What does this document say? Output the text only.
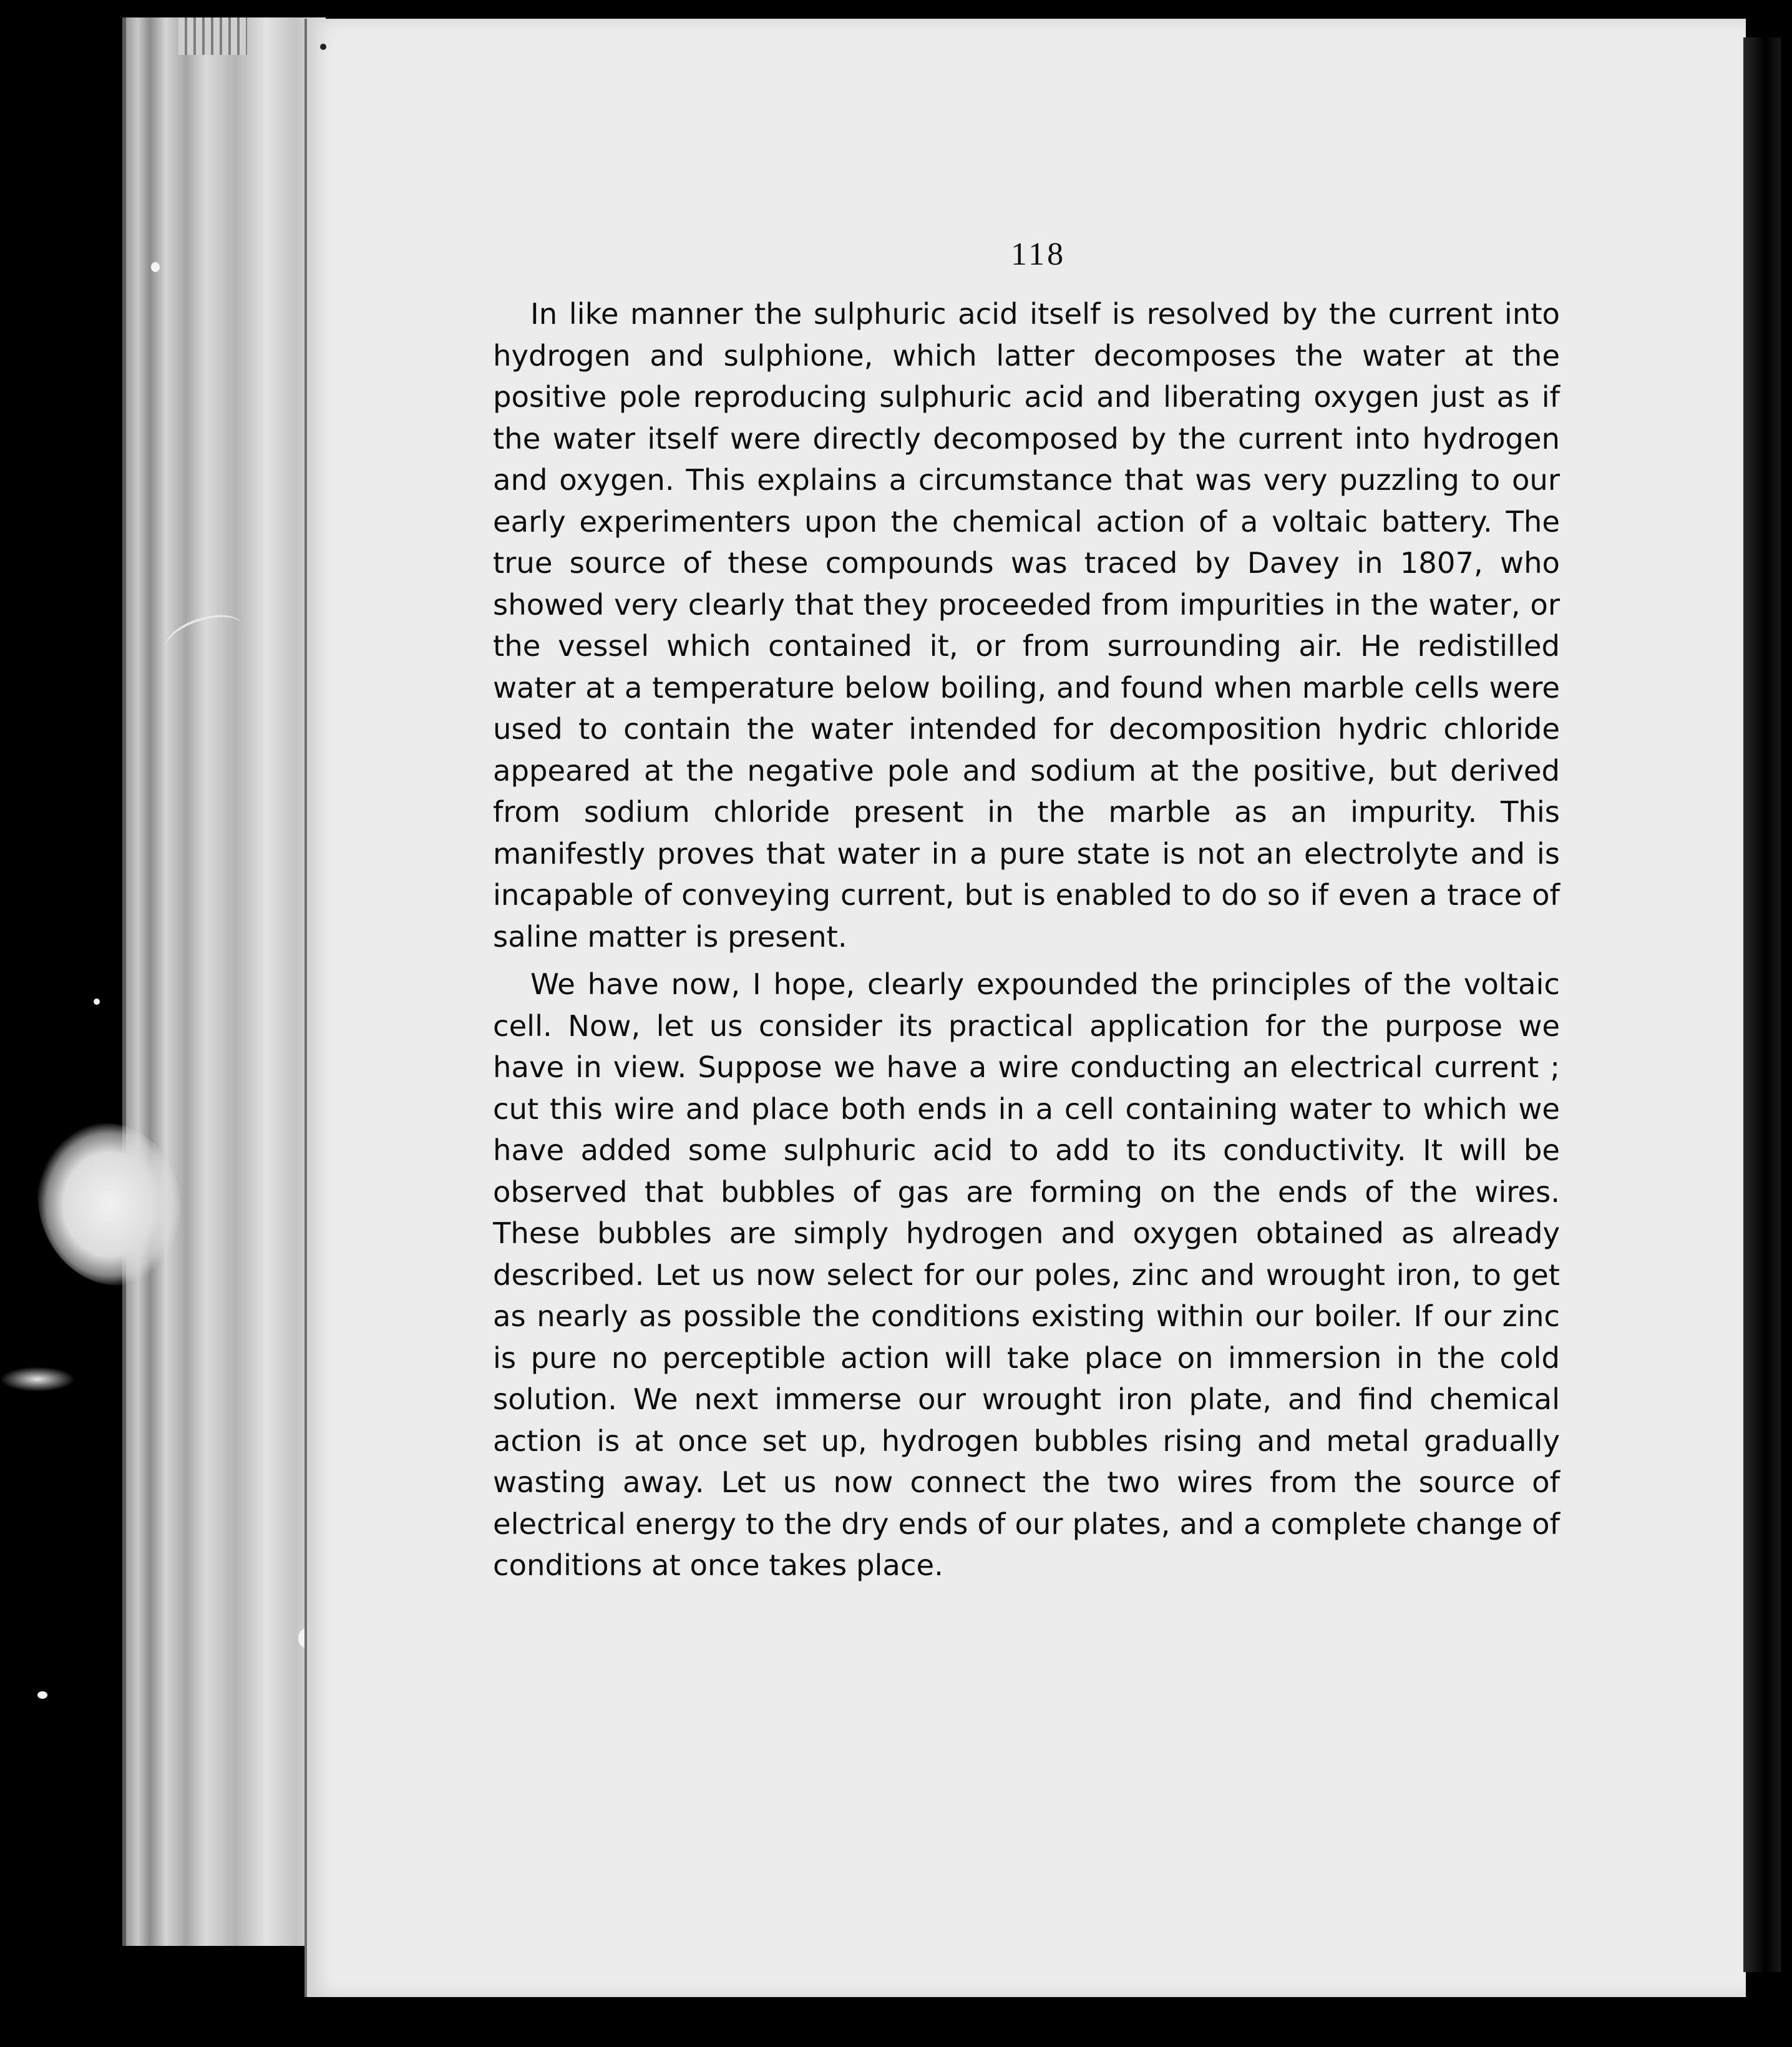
118

In like manner the sulphuric acid itself is resolved by the current into hydrogen and sulphione, which latter decomposes the water at the positive pole reproducing sulphuric acid and liberating oxygen just as if the water itself were directly decomposed by the current into hydrogen and oxygen. This explains a circumstance that was very puzzling to our early experimenters upon the chemical action of a voltaic battery. The true source of these compounds was traced by Davey in 1807, who showed very clearly that they proceeded from impurities in the water, or the vessel which contained it, or from surrounding air. He redistilled water at a temperature below boiling, and found when marble cells were used to contain the water intended for decomposition hydric chloride appeared at the negative pole and sodium at the positive, but derived from sodium chloride present in the marble as an impurity. This manifestly proves that water in a pure state is not an electrolyte and is incapable of conveying current, but is enabled to do so if even a trace of saline matter is present.

We have now, I hope, clearly expounded the principles of the voltaic cell. Now, let us consider its practical application for the purpose we have in view. Suppose we have a wire conducting an electrical current ; cut this wire and place both ends in a cell containing water to which we have added some sulphuric acid to add to its conductivity. It will be observed that bubbles of gas are forming on the ends of the wires. These bubbles are simply hydrogen and oxygen obtained as already described. Let us now select for our poles, zinc and wrought iron, to get as nearly as possible the conditions existing within our boiler. If our zinc is pure no perceptible action will take place on immersion in the cold solution. We next immerse our wrought iron plate, and find chemical action is at once set up, hydrogen bubbles rising and metal gradually wasting away. Let us now connect the two wires from the source of electrical energy to the dry ends of our plates, and a complete change of conditions at once takes place.
